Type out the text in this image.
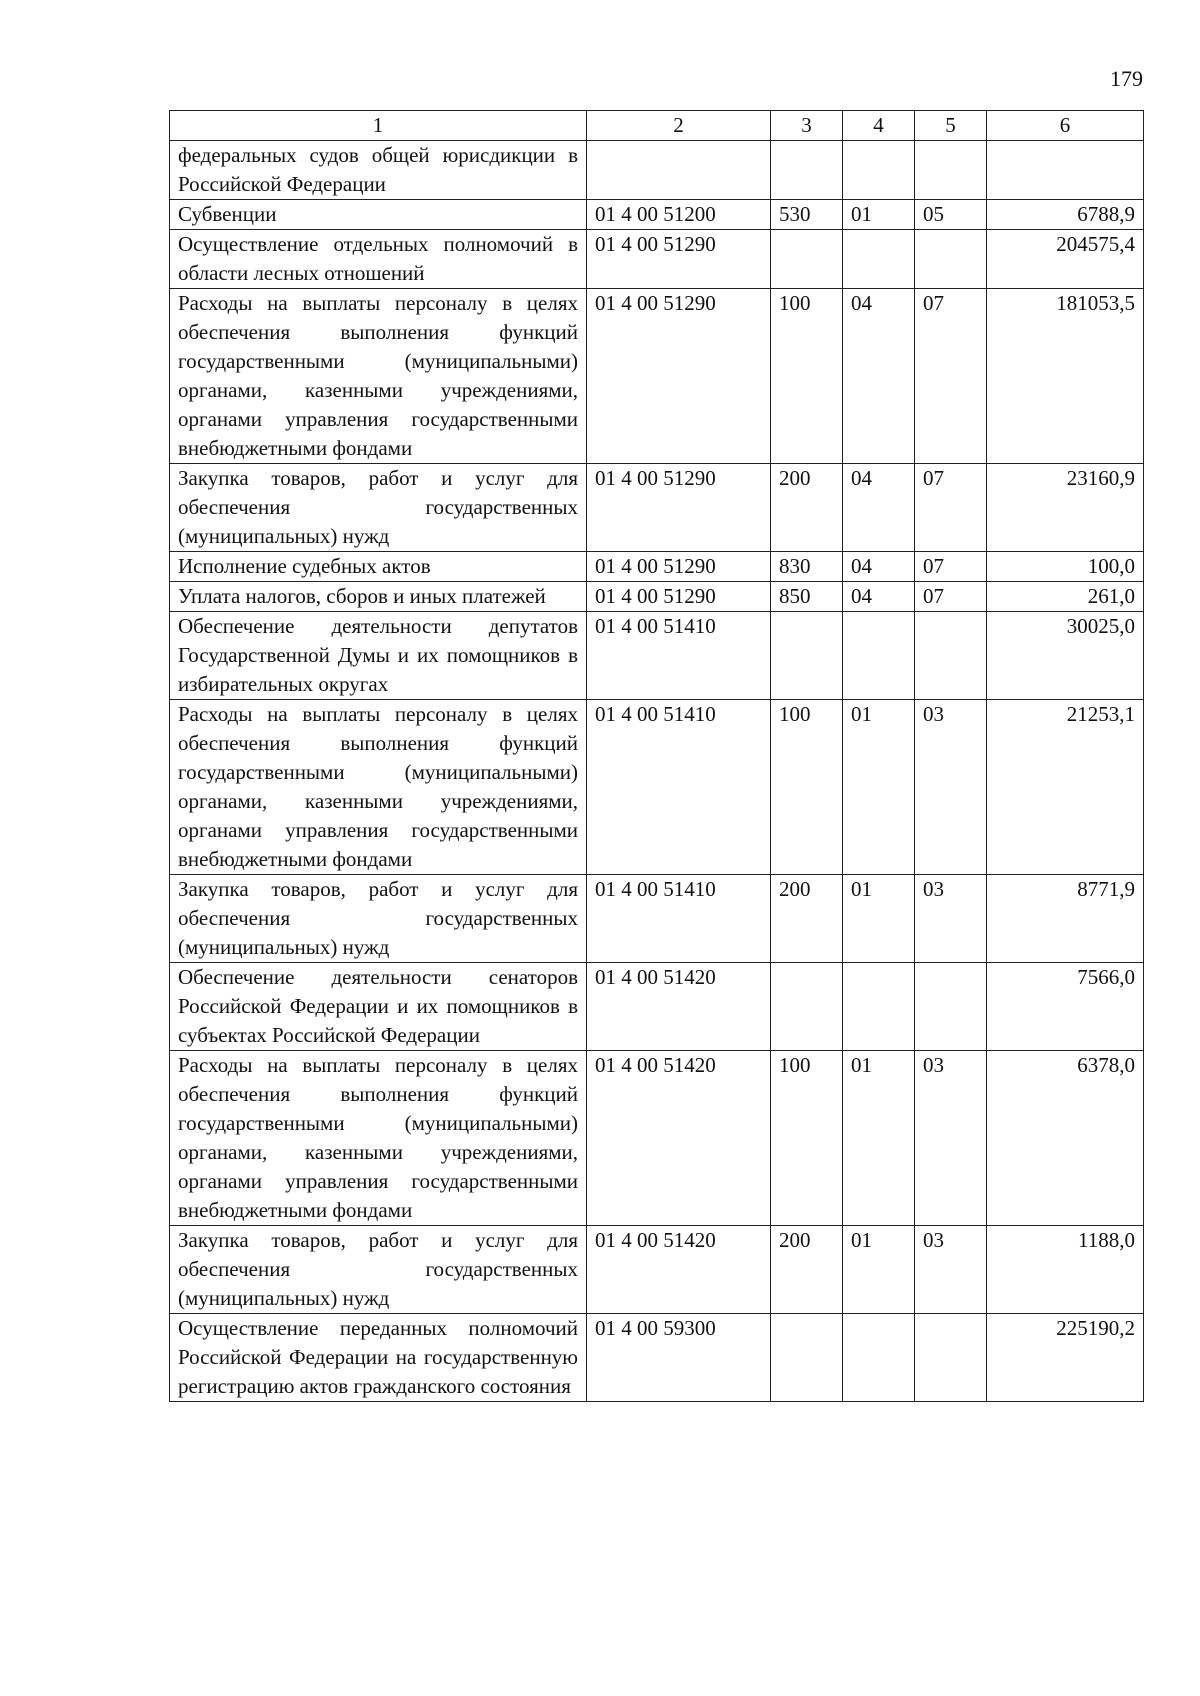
179
1	2	3	4	5	6
федеральных судов общей юрисдикции в Российской Федерации					
Субвенции	01 4 00 51200	530	01	05	6788,9
Осуществление отдельных полномочий в области лесных отношений	01 4 00 51290				204575,4
Расходы на выплаты персоналу в целях обеспечения выполнения функций государственными (муниципальными) органами, казенными учреждениями, органами управления государственными внебюджетными фондами	01 4 00 51290	100	04	07	181053,5
Закупка товаров, работ и услуг для обеспечения государственных (муниципальных) нужд	01 4 00 51290	200	04	07	23160,9
Исполнение судебных актов	01 4 00 51290	830	04	07	100,0
Уплата налогов, сборов и иных платежей	01 4 00 51290	850	04	07	261,0
Обеспечение деятельности депутатов Государственной Думы и их помощников в избирательных округах	01 4 00 51410				30025,0
Расходы на выплаты персоналу в целях обеспечения выполнения функций государственными (муниципальными) органами, казенными учреждениями, органами управления государственными внебюджетными фондами	01 4 00 51410	100	01	03	21253,1
Закупка товаров, работ и услуг для обеспечения государственных (муниципальных) нужд	01 4 00 51410	200	01	03	8771,9
Обеспечение деятельности сенаторов Российской Федерации и их помощников в субъектах Российской Федерации	01 4 00 51420				7566,0
Расходы на выплаты персоналу в целях обеспечения выполнения функций государственными (муниципальными) органами, казенными учреждениями, органами управления государственными внебюджетными фондами	01 4 00 51420	100	01	03	6378,0
Закупка товаров, работ и услуг для обеспечения государственных (муниципальных) нужд	01 4 00 51420	200	01	03	1188,0
Осуществление переданных полномочий Российской Федерации на государственную регистрацию актов гражданского состояния	01 4 00 59300				225190,2
